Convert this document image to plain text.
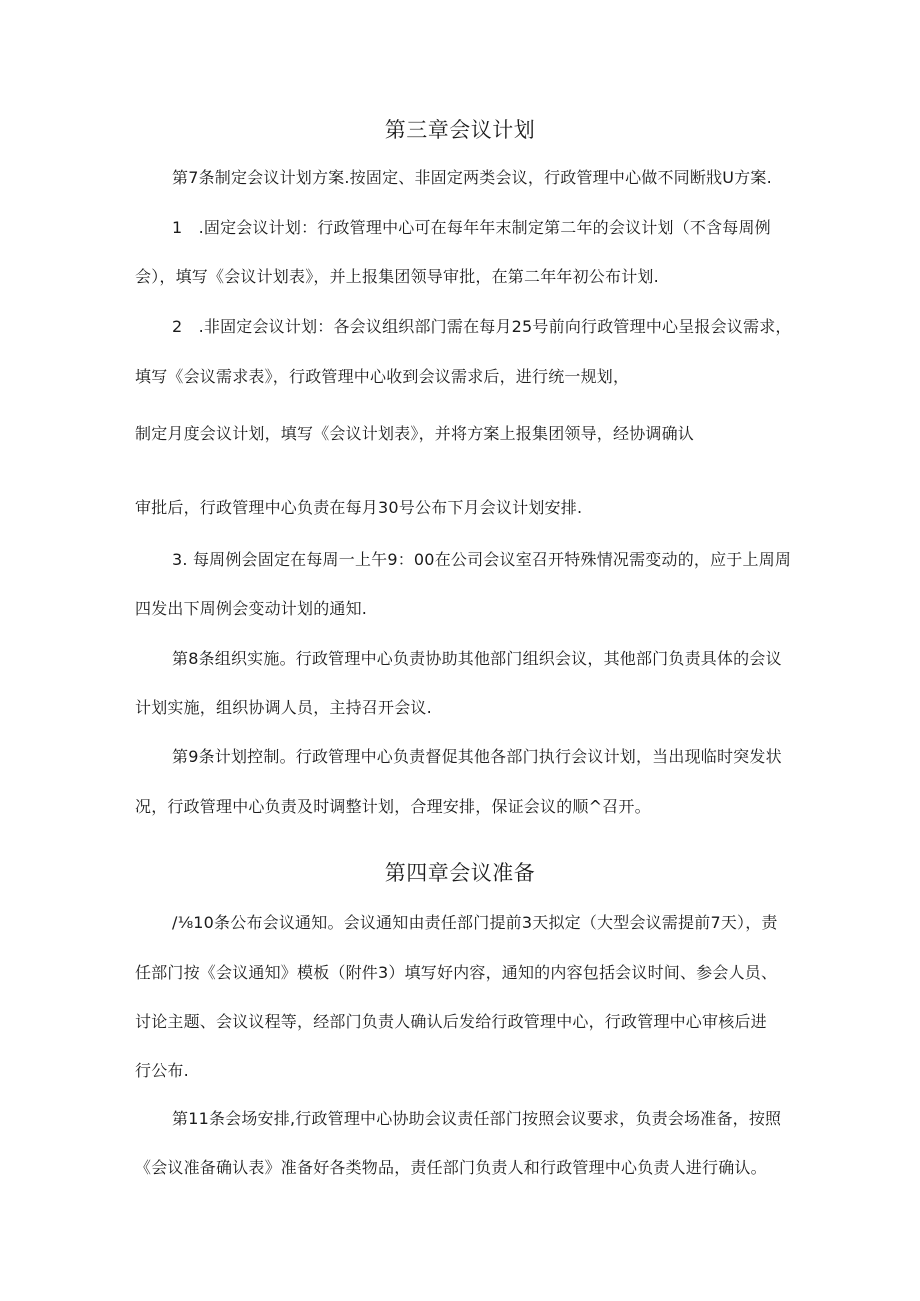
第三章会议计划
第7条制定会议计划方案.按固定、非固定两类会议，行政管理中心做不同断戕U方案.
1　.固定会议计划：行政管理中心可在每年年末制定第二年的会议计划（不含每周例
会），填写《会议计划表》，并上报集团领导审批，在第二年年初公布计划.
2　.非固定会议计划：各会议组织部门需在每月25号前向行政管理中心呈报会议需求，
填写《会议需求表》，行政管理中心收到会议需求后，进行统一规划，
制定月度会议计划，填写《会议计划表》，并将方案上报集团领导，经协调确认
审批后，行政管理中心负责在每月30号公布下月会议计划安排.
3. 每周例会固定在每周一上午9：00在公司会议室召开特殊情况需变动的，应于上周周
四发出下周例会变动计划的通知.
第8条组织实施。行政管理中心负责协助其他部门组织会议，其他部门负责具体的会议
计划实施，组织协调人员，主持召开会议.
第9条计划控制。行政管理中心负责督促其他各部门执行会议计划，当出现临时突发状
况，行政管理中心负责及时调整计划，合理安排，保证会议的顺^召开。
第四章会议准备
∕⅛10条公布会议通知。会议通知由责任部门提前3天拟定（大型会议需提前7天），责
任部门按《会议通知》模板（附件3）填写好内容，通知的内容包括会议时间、参会人员、
讨论主题、会议议程等，经部门负责人确认后发给行政管理中心，行政管理中心审核后进
行公布.
第11条会场安排,行政管理中心协助会议责任部门按照会议要求，负责会场准备，按照
《会议准备确认表》准备好各类物品，责任部门负责人和行政管理中心负责人进行确认。
